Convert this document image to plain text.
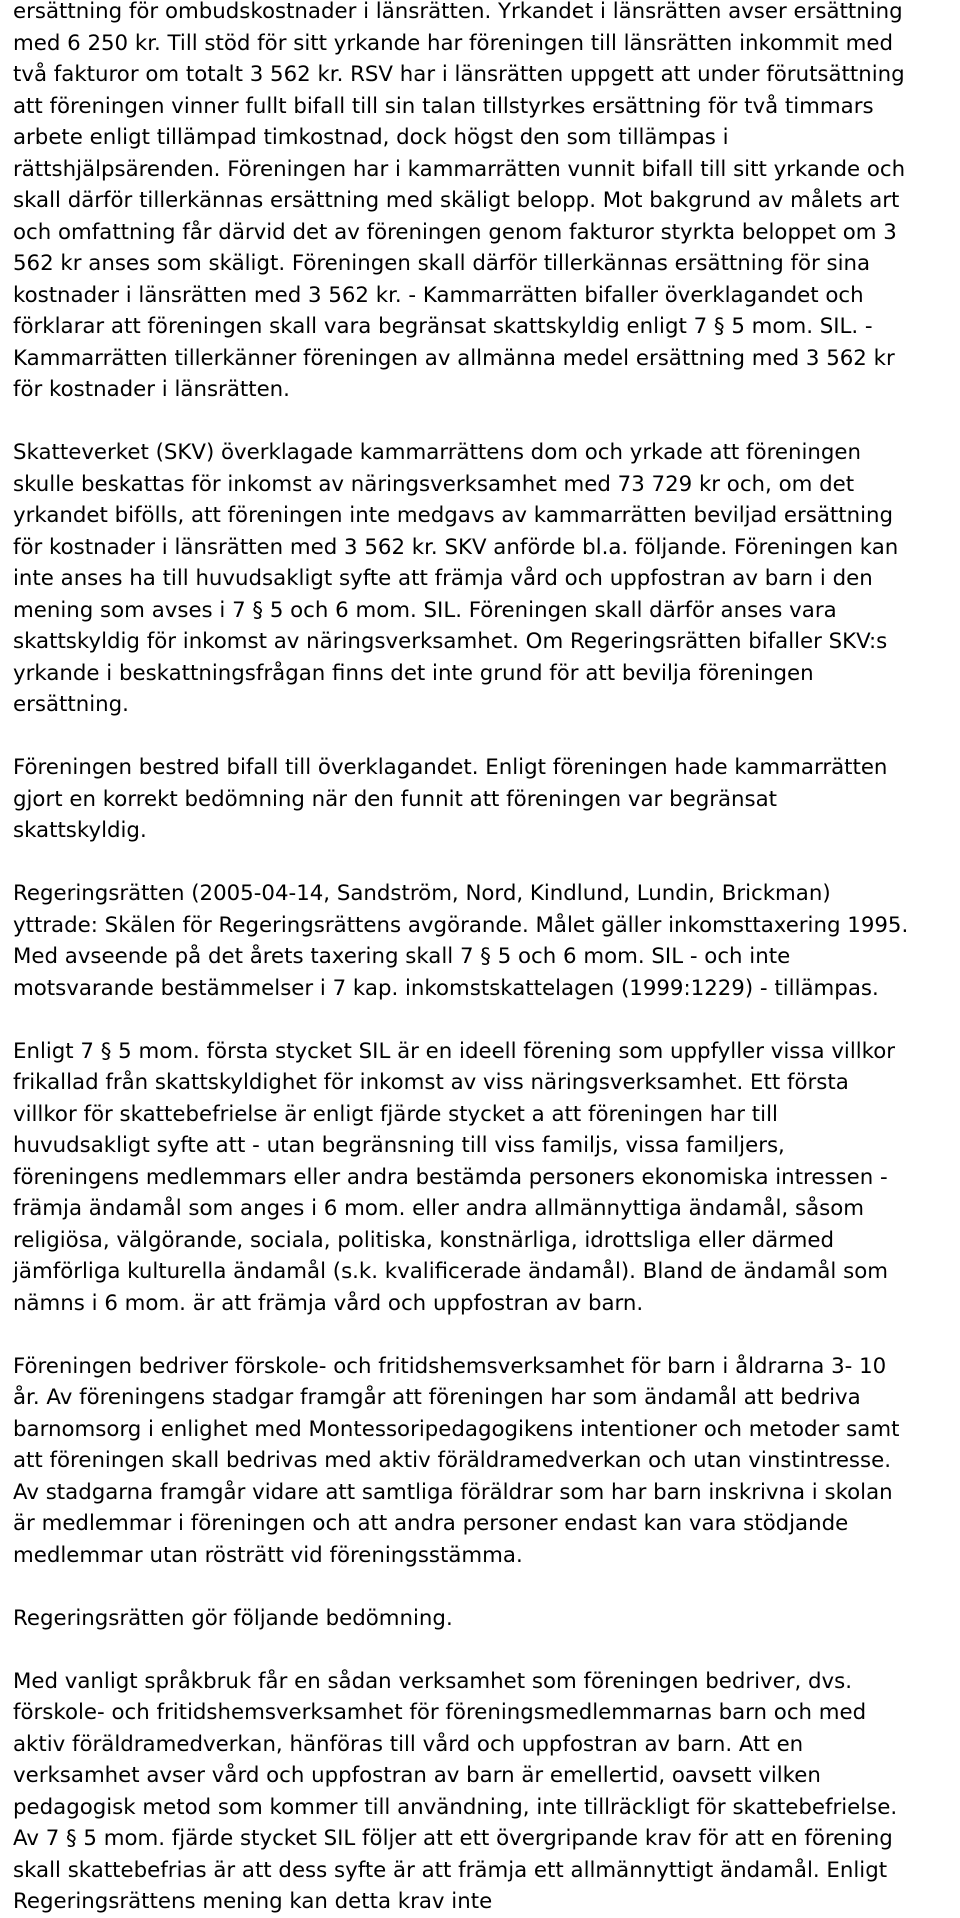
ersättning för ombudskostnader i länsrätten. Yrkandet i länsrätten avser ersättning med 6 250 kr. Till stöd för sitt yrkande har föreningen till länsrätten inkommit med två fakturor om totalt 3 562 kr. RSV har i länsrätten uppgett att under förutsättning att föreningen vinner fullt bifall till sin talan tillstyrkes ersättning för två timmars arbete enligt tillämpad timkostnad, dock högst den som tillämpas i rättshjälpsärenden. Föreningen har i kammarrätten vunnit bifall till sitt yrkande och skall därför tillerkännas ersättning med skäligt belopp. Mot bakgrund av målets art och omfattning får därvid det av föreningen genom fakturor styrkta beloppet om 3 562 kr anses som skäligt. Föreningen skall därför tillerkännas ersättning för sina kostnader i länsrätten med 3 562 kr. - Kammarrätten bifaller överklagandet och förklarar att föreningen skall vara begränsat skattskyldig enligt 7 § 5 mom. SIL. - Kammarrätten tillerkänner föreningen av allmänna medel ersättning med 3 562 kr för kostnader i länsrätten.
Skatteverket (SKV) överklagade kammarrättens dom och yrkade att föreningen skulle beskattas för inkomst av näringsverksamhet med 73 729 kr och, om det yrkandet bifölls, att föreningen inte medgavs av kammarrätten beviljad ersättning för kostnader i länsrätten med 3 562 kr. SKV anförde bl.a. följande. Föreningen kan inte anses ha till huvudsakligt syfte att främja vård och uppfostran av barn i den mening som avses i 7 § 5 och 6 mom. SIL. Föreningen skall därför anses vara skattskyldig för inkomst av näringsverksamhet. Om Regeringsrätten bifaller SKV:s yrkande i beskattningsfrågan finns det inte grund för att bevilja föreningen ersättning.
Föreningen bestred bifall till överklagandet. Enligt föreningen hade kammarrätten gjort en korrekt bedömning när den funnit att föreningen var begränsat skattskyldig.
Regeringsrätten (2005-04-14, Sandström, Nord, Kindlund, Lundin, Brickman) yttrade: Skälen för Regeringsrättens avgörande. Målet gäller inkomsttaxering 1995. Med avseende på det årets taxering skall 7 § 5 och 6 mom. SIL - och inte motsvarande bestämmelser i 7 kap. inkomstskattelagen (1999:1229) - tillämpas.
Enligt 7 § 5 mom. första stycket SIL är en ideell förening som uppfyller vissa villkor frikallad från skattskyldighet för inkomst av viss näringsverksamhet. Ett första villkor för skattebefrielse är enligt fjärde stycket a att föreningen har till huvudsakligt syfte att - utan begränsning till viss familjs, vissa familjers, föreningens medlemmars eller andra bestämda personers ekonomiska intressen - främja ändamål som anges i 6 mom. eller andra allmännyttiga ändamål, såsom religiösa, välgörande, sociala, politiska, konstnärliga, idrottsliga eller därmed jämförliga kulturella ändamål (s.k. kvalificerade ändamål). Bland de ändamål som nämns i 6 mom. är att främja vård och uppfostran av barn.
Föreningen bedriver förskole- och fritidshemsverksamhet för barn i åldrarna 3- 10 år. Av föreningens stadgar framgår att föreningen har som ändamål att bedriva barnomsorg i enlighet med Montessoripedagogikens intentioner och metoder samt att föreningen skall bedrivas med aktiv föräldramedverkan och utan vinstintresse. Av stadgarna framgår vidare att samtliga föräldrar som har barn inskrivna i skolan är medlemmar i föreningen och att andra personer endast kan vara stödjande medlemmar utan rösträtt vid föreningsstämma.
Regeringsrätten gör följande bedömning.
Med vanligt språkbruk får en sådan verksamhet som föreningen bedriver, dvs. förskole- och fritidshemsverksamhet för föreningsmedlemmarnas barn och med aktiv föräldramedverkan, hänföras till vård och uppfostran av barn. Att en verksamhet avser vård och uppfostran av barn är emellertid, oavsett vilken pedagogisk metod som kommer till användning, inte tillräckligt för skattebefrielse. Av 7 § 5 mom. fjärde stycket SIL följer att ett övergripande krav för att en förening skall skattebefrias är att dess syfte är att främja ett allmännyttigt ändamål. Enligt Regeringsrättens mening kan detta krav inte
